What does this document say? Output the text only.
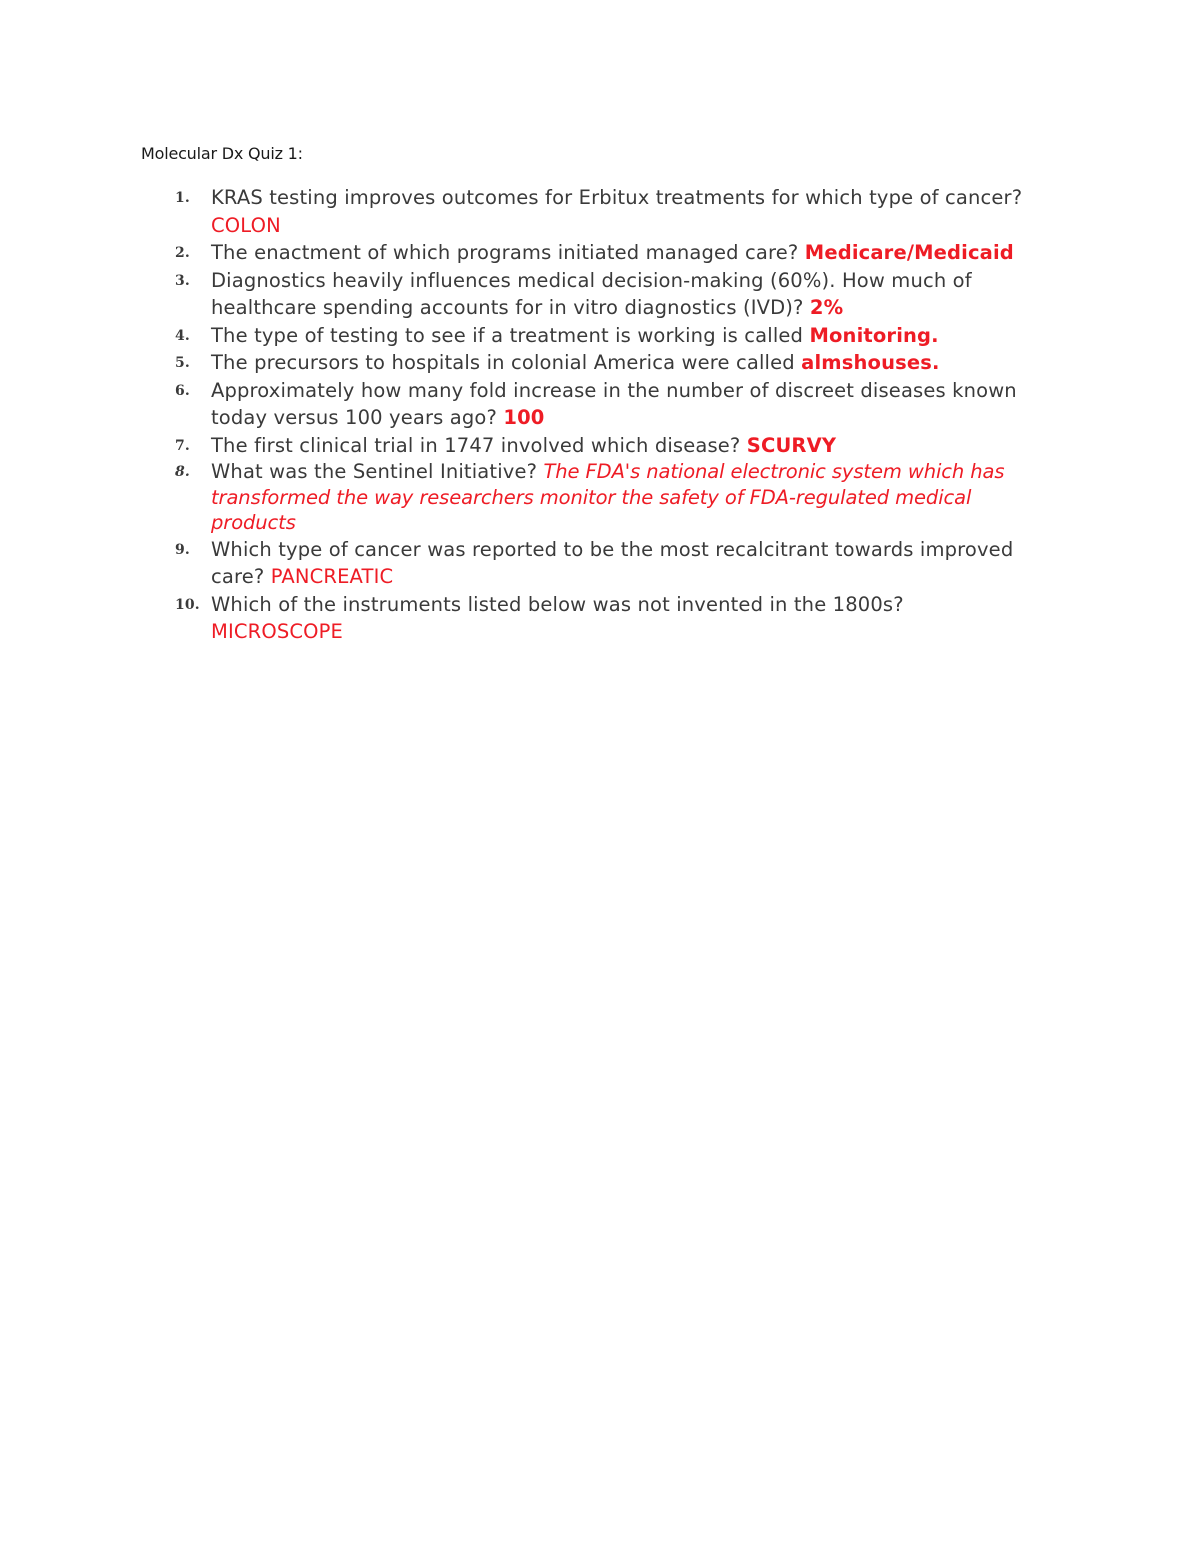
Molecular Dx Quiz 1:
1. KRAS testing improves outcomes for Erbitux treatments for which type of cancer? COLON
2. The enactment of which programs initiated managed care? Medicare/Medicaid
3. Diagnostics heavily influences medical decision-making (60%). How much of healthcare spending accounts for in vitro diagnostics (IVD)? 2%
4. The type of testing to see if a treatment is working is called Monitoring.
5. The precursors to hospitals in colonial America were called almshouses.
6. Approximately how many fold increase in the number of discreet diseases known today versus 100 years ago? 100
7. The first clinical trial in 1747 involved which disease? SCURVY
8. What was the Sentinel Initiative? The FDA's national electronic system which has transformed the way researchers monitor the safety of FDA-regulated medical products
9. Which type of cancer was reported to be the most recalcitrant towards improved care? PANCREATIC
10. Which of the instruments listed below was not invented in the 1800s?
MICROSCOPE
